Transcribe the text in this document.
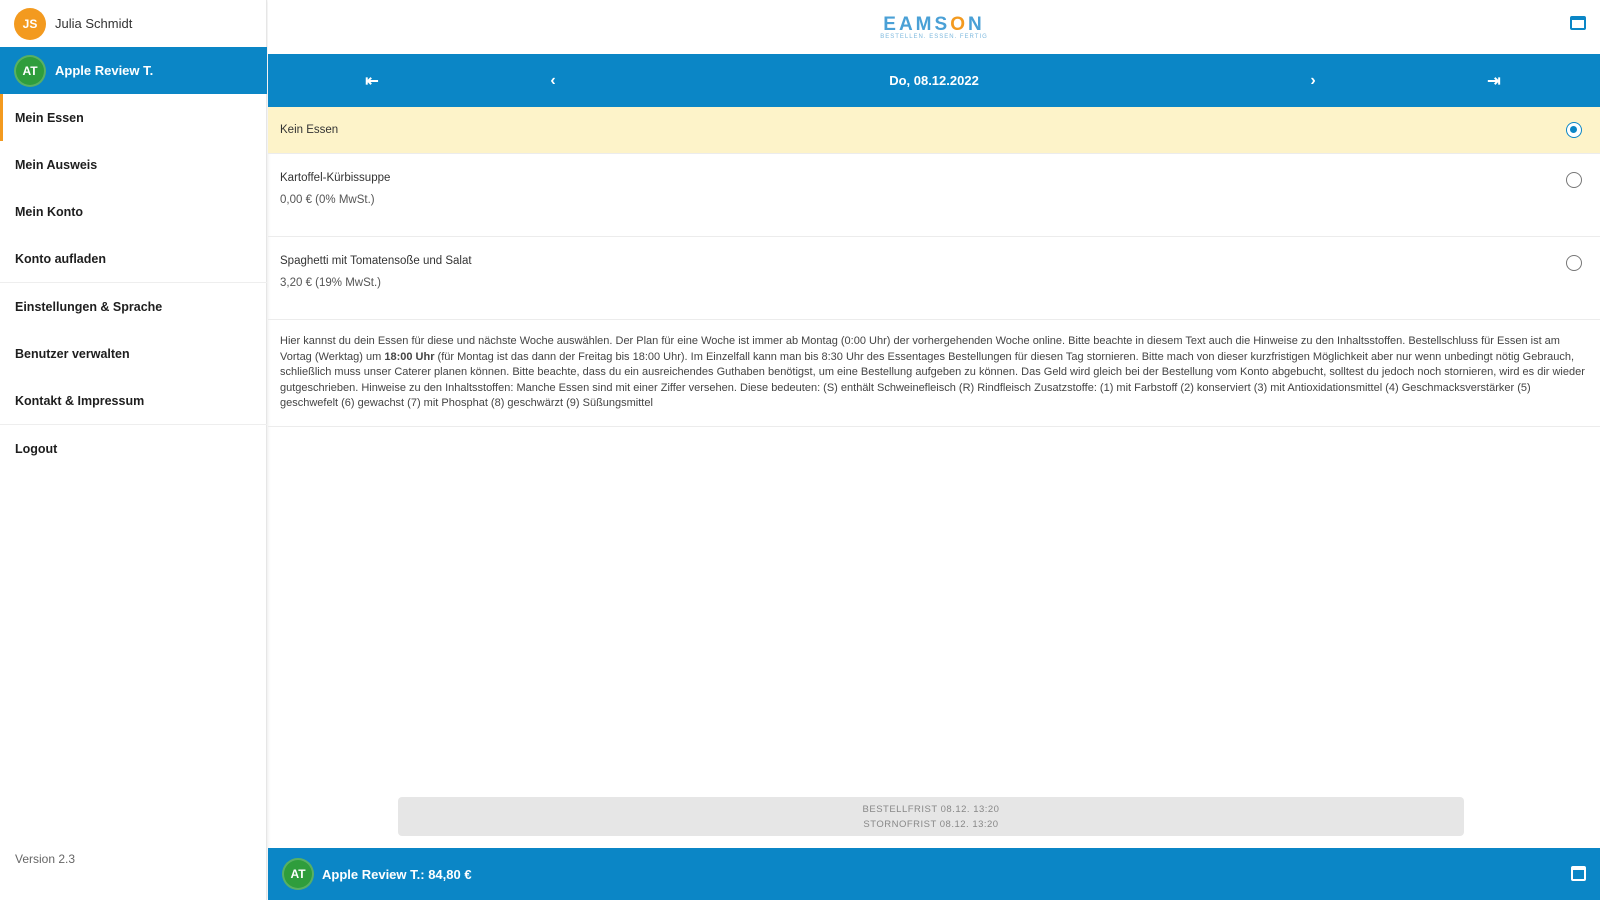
JS	Julia Schmidt
AT	Apple Review T.
Mein Essen
Mein Ausweis
Mein Konto
Konto aufladen
Einstellungen & Sprache
Benutzer verwalten
Kontakt & Impressum
Logout
Version 2.3
EAMSON
BESTELLEN. ESSEN. FERTIG
⇤	‹	Do, 08.12.2022	›	⇥
Kein Essen
Kartoffel-Kürbissuppe
0,00 € (0% MwSt.)
Spaghetti mit Tomatensoße und Salat
3,20 € (19% MwSt.)
Hier kannst du dein Essen für diese und nächste Woche auswählen. Der Plan für eine Woche ist immer ab Montag (0:00 Uhr) der vorhergehenden Woche online. Bitte beachte in diesem Text auch die Hinweise zu den Inhaltsstoffen. Bestellschluss für Essen ist am Vortag (Werktag) um 18:00 Uhr (für Montag ist das dann der Freitag bis 18:00 Uhr). Im Einzelfall kann man bis 8:30 Uhr des Essentages Bestellungen für diesen Tag stornieren. Bitte mach von dieser kurzfristigen Möglichkeit aber nur wenn unbedingt nötig Gebrauch, schließlich muss unser Caterer planen können. Bitte beachte, dass du ein ausreichendes Guthaben benötigst, um eine Bestellung aufgeben zu können. Das Geld wird gleich bei der Bestellung vom Konto abgebucht, solltest du jedoch noch stornieren, wird es dir wieder gutgeschrieben. Hinweise zu den Inhaltsstoffen: Manche Essen sind mit einer Ziffer versehen. Diese bedeuten: (S) enthält Schweinefleisch (R) Rindfleisch Zusatzstoffe: (1) mit Farbstoff (2) konserviert (3) mit Antioxidationsmittel (4) Geschmacksverstärker (5) geschwefelt (6) gewachst (7) mit Phosphat (8) geschwärzt (9) Süßungsmittel
BESTELLFRIST 08.12. 13:20
STORNOFRIST 08.12. 13:20
AT	Apple Review T.: 84,80 €
